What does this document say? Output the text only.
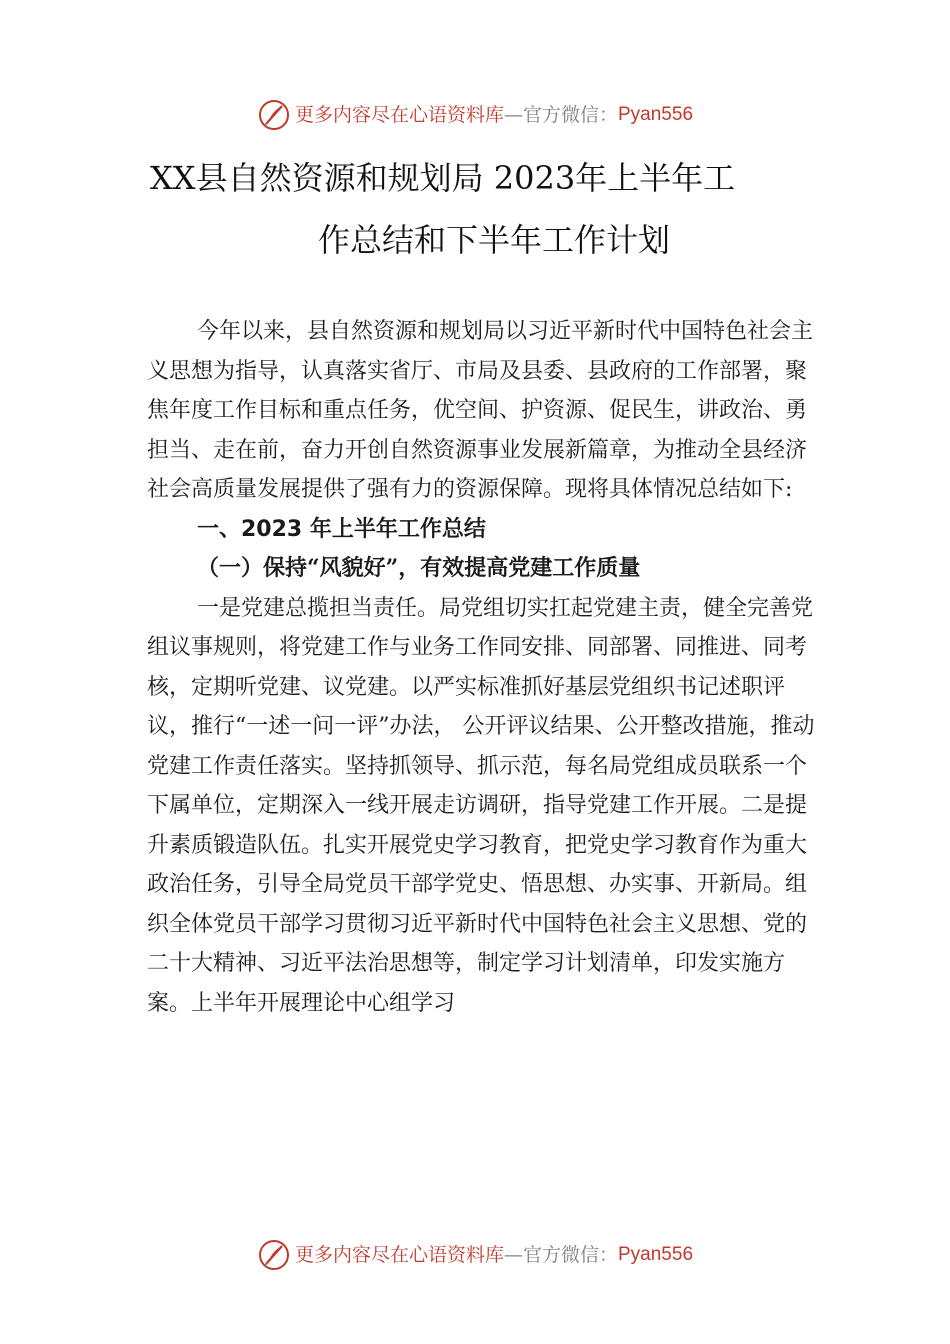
更多内容尽在心语资料库 — 官方微信： Pyan556
XX县自然资源和规划局 2023年上半年工
作总结和下半年工作计划

今年以来，县自然资源和规划局以习近平新时代中国特色社会主义思想为指导，认真落实省厅、市局及县委、县政府的工作部署，聚焦年度工作目标和重点任务，优空间、护资源、促民生，讲政治、勇担当、走在前，奋力开创自然资源事业发展新篇章，为推动全县经济社会高质量发展提供了强有力的资源保障。现将具体情况总结如下:

一、2023 年上半年工作总结

（一）保持“风貌好”，有效提高党建工作质量

一是党建总揽担当责任。局党组切实扛起党建主责，健全完善党组议事规则，将党建工作与业务工作同安排、同部署、同推进、同考核，定期听党建、议党建。以严实标准抓好基层党组织书记述职评议，推行“一述一问一评”办法， 公开评议结果、公开整改措施，推动党建工作责任落实。坚持抓领导、抓示范，每名局党组成员联系一个下属单位，定期深入一线开展走访调研，指导党建工作开展。二是提升素质锻造队伍。扎实开展党史学习教育，把党史学习教育作为重大政治任务，引导全局党员干部学党史、悟思想、办实事、开新局。组织全体党员干部学习贯彻习近平新时代中国特色社会主义思想、党的二十大精神、习近平法治思想等，制定学习计划清单，印发实施方案。上半年开展理论中心组学习

更多内容尽在心语资料库 — 官方微信： Pyan556
